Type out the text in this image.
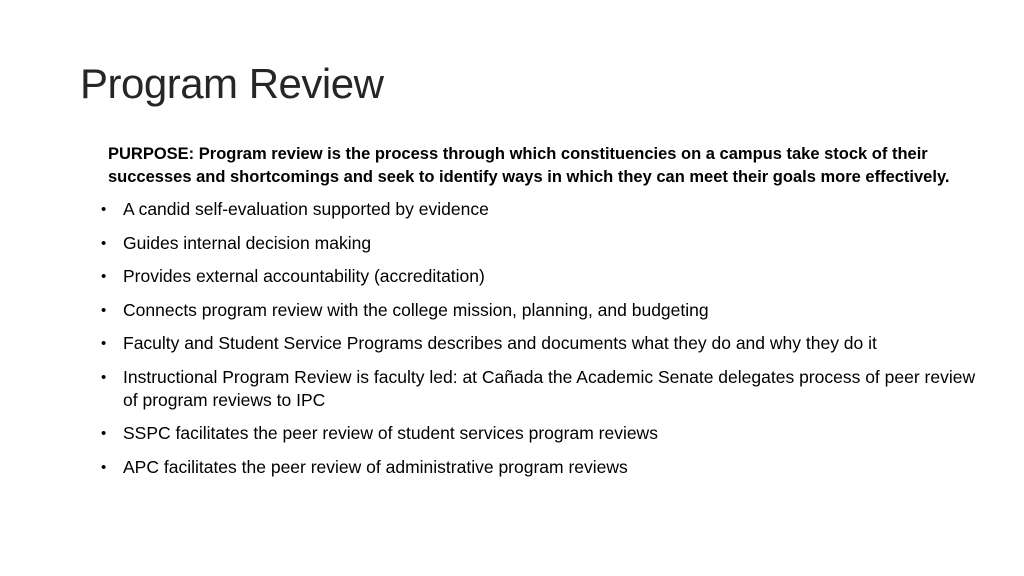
Program Review

PURPOSE: Program review is the process through which constituencies on a campus take stock of their successes and shortcomings and seek to identify ways in which they can meet their goals more effectively.

• A candid self-evaluation supported by evidence
• Guides internal decision making
• Provides external accountability (accreditation)
• Connects program review with the college mission, planning, and budgeting
• Faculty and Student Service Programs describes and documents what they do and why they do it
• Instructional Program Review is faculty led: at Cañada the Academic Senate delegates process of peer review of program reviews to IPC
• SSPC facilitates the peer review of student services program reviews
• APC facilitates the peer review of administrative program reviews
